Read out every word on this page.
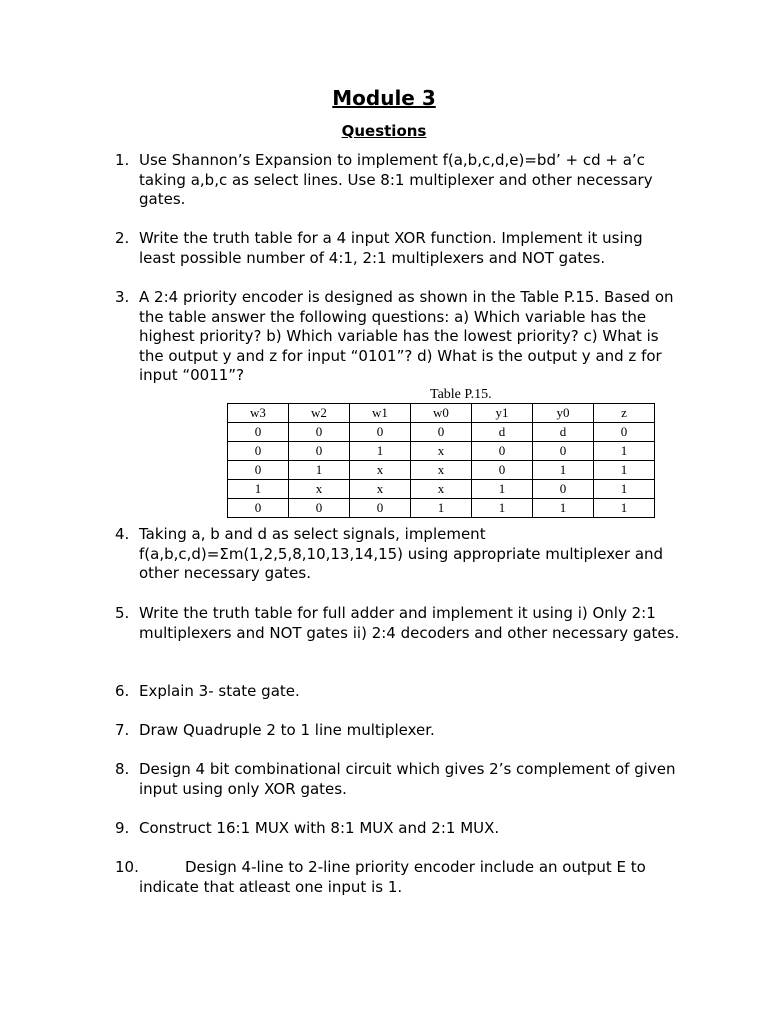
Module 3
Questions
1. Use Shannon’s Expansion to implement f(a,b,c,d,e)=bd’ + cd + a’c taking a,b,c as select lines. Use 8:1 multiplexer and other necessary gates.
2. Write the truth table for a 4 input XOR function. Implement it using least possible number of 4:1, 2:1 multiplexers and NOT gates.
3. A 2:4 priority encoder is designed as shown in the Table P.15. Based on the table answer the following questions: a) Which variable has the highest priority? b) Which variable has the lowest priority? c) What is the output y and z for input “0101”? d) What is the output y and z for input “0011”?
Table P.15.
w3	w2	w1	w0	y1	y0	z
0	0	0	0	d	d	0
0	0	1	x	0	0	1
0	1	x	x	0	1	1
1	x	x	x	1	0	1
0	0	0	1	1	1	1
4. Taking a, b and d as select signals, implement f(a,b,c,d)=Σm(1,2,5,8,10,13,14,15) using appropriate multiplexer and other necessary gates.
5. Write the truth table for full adder and implement it using i) Only 2:1 multiplexers and NOT gates ii) 2:4 decoders and other necessary gates.
6. Explain 3- state gate.
7. Draw Quadruple 2 to 1 line multiplexer.
8. Design 4 bit combinational circuit which gives 2’s complement of given input using only XOR gates.
9. Construct 16:1 MUX with 8:1 MUX and 2:1 MUX.
10.	Design 4-line to 2-line priority encoder include an output E to indicate that atleast one input is 1.
